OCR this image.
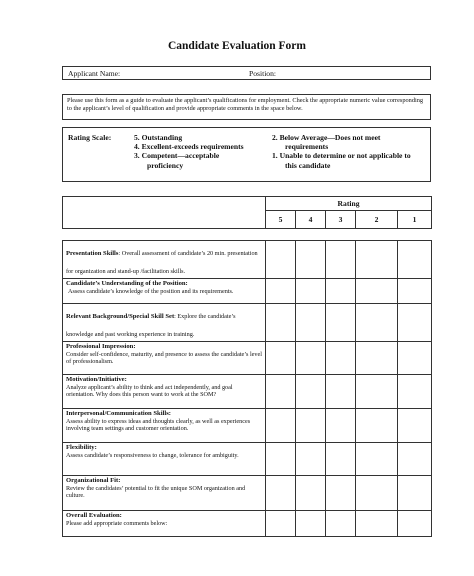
Candidate Evaluation Form
Applicant Name:	Position:
Please use this form as a guide to evaluate the applicant’s qualifications for employment. Check the appropriate numeric value corresponding to the applicant’s level of qualification and provide appropriate comments in the space below.
Rating Scale:	5. Outstanding
4. Excellent-exceeds requirements
3. Competent—acceptable
proficiency
2. Below Average—Does not meet
requirements
1. Unable to determine or not applicable to
this candidate
	Rating				
	5	4	3	2	1
Presentation Skills: Overall assessment of candidate’s 20 min. presentation for organization and stand-up /facilitation skills.					

Candidate’s Understanding of the Position:
Assess candidate’s knowledge of the position and its requirements.					

Relevant Background/Special Skill Set: Explore the candidate’s knowledge and past working experience in training.					

Professional Impression:
Consider self-confidence, maturity, and presence to assess the candidate’s level of professionalism.					

Motivation/Initiative:
Analyze applicant’s ability to think and act independently, and goal orientation. Why does this person want to work at the SOM?					

Interpersonal/Communication Skills:
Assess ability to express ideas and thoughts clearly, as well as experiences involving team settings and customer orientation.					

Flexibility:
Assess candidate’s responsiveness to change, tolerance for ambiguity.					

Organizational Fit:
Review the candidates’ potential to fit the unique SOM organization and culture.					

Overall Evaluation:
Please add appropriate comments below:					
